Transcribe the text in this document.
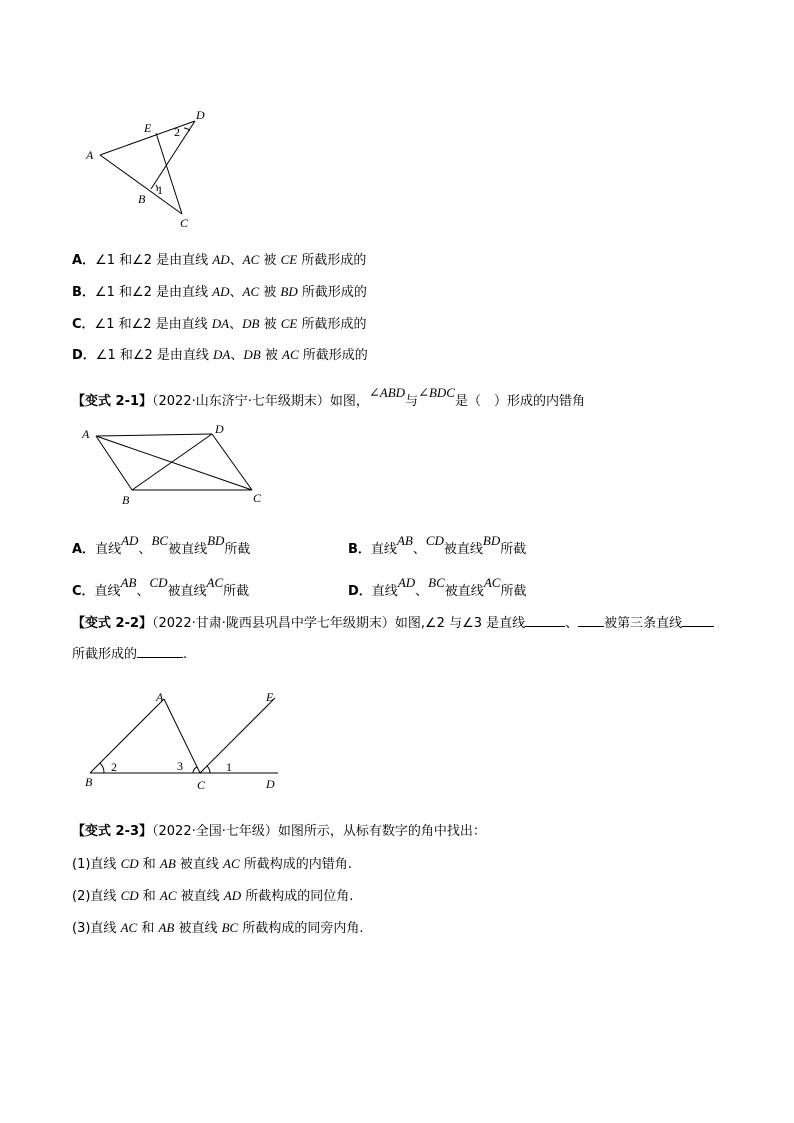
A
E
D
B
C
1
2
A．∠1 和∠2 是由直线 AD、AC 被 CE 所截形成的
B．∠1 和∠2 是由直线 AD、AC 被 BD 所截形成的
C．∠1 和∠2 是由直线 DA、DB 被 CE 所截形成的
D．∠1 和∠2 是由直线 DA、DB 被 AC 所截形成的
【变式 2-1】（2022·山东济宁·七年级期末）如图，∠ABD与∠BDC是（　）形成的内错角
A	D
B	C
A．直线AD、BC被直线BD所截	B．直线AB、CD被直线BD所截
C．直线AB、CD被直线AC所截	D．直线AD、BC被直线AC所截
【变式 2-2】（2022·甘肃·陇西县巩昌中学七年级期末）如图,∠2 与∠3 是直线	、 被第三条直线
所截形成的	.
A	E
B	C	D
1
2	3
【变式 2-3】（2022·全国·七年级）如图所示，从标有数字的角中找出：
(1)直线 CD 和 AB 被直线 AC 所截构成的内错角.
(2)直线 CD 和 AC 被直线 AD 所截构成的同位角.
(3)直线 AC 和 AB 被直线 BC 所截构成的同旁内角.
